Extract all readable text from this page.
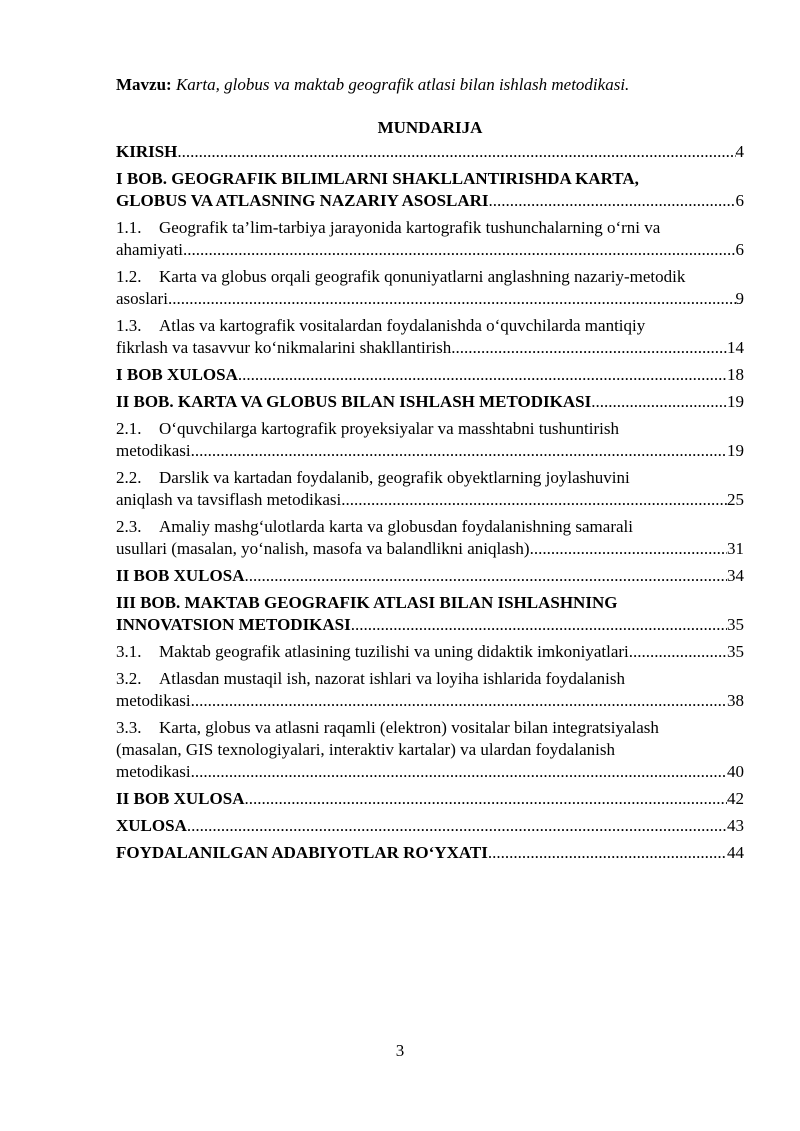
Mavzu: Karta, globus va maktab geografik atlasi bilan ishlash metodikasi.
MUNDARIJA
KIRISH .....	4
I BOB. GEOGRAFIK BILIMLARNI SHAKLLANTIRISHDA KARTA,
GLOBUS VA ATLASNING NAZARIY ASOSLARI .....	6
1.1. Geografik ta’lim-tarbiya jarayonida kartografik tushunchalarning o‘rni va
ahamiyati .....	6
1.2. Karta va globus orqali geografik qonuniyatlarni anglashning nazariy-metodik
asoslari .....	9
1.3. Atlas va kartografik vositalardan foydalanishda o‘quvchilarda mantiqiy
fikrlash va tasavvur ko‘nikmalarini shakllantirish .....	14
I BOB XULOSA .....	18
II BOB. KARTA VA GLOBUS BILAN ISHLASH METODIKASI .....	19
2.1. O‘quvchilarga kartografik proyeksiyalar va masshtabni tushuntirish
metodikasi .....	19
2.2. Darslik va kartadan foydalanib, geografik obyektlarning joylashuvini
aniqlash va tavsiflash metodikasi .....	25
2.3. Amaliy mashg‘ulotlarda karta va globusdan foydalanishning samarali
usullari (masalan, yo‘nalish, masofa va balandlikni aniqlash) .....	31
II BOB XULOSA .....	34
III BOB. MAKTAB GEOGRAFIK ATLASI BILAN ISHLASHNING
INNOVATSION METODIKASI .....	35
3.1. Maktab geografik atlasining tuzilishi va uning didaktik imkoniyatlari .....	35
3.2. Atlasdan mustaqil ish, nazorat ishlari va loyiha ishlarida foydalanish
metodikasi .....	38
3.3. Karta, globus va atlasni raqamli (elektron) vositalar bilan integratsiyalash
(masalan, GIS texnologiyalari, interaktiv kartalar) va ulardan foydalanish
metodikasi .....	40
II BOB XULOSA .....	42
XULOSA .....	43
FOYDALANILGAN ADABIYOTLAR RO‘YXATI .....	44
3
